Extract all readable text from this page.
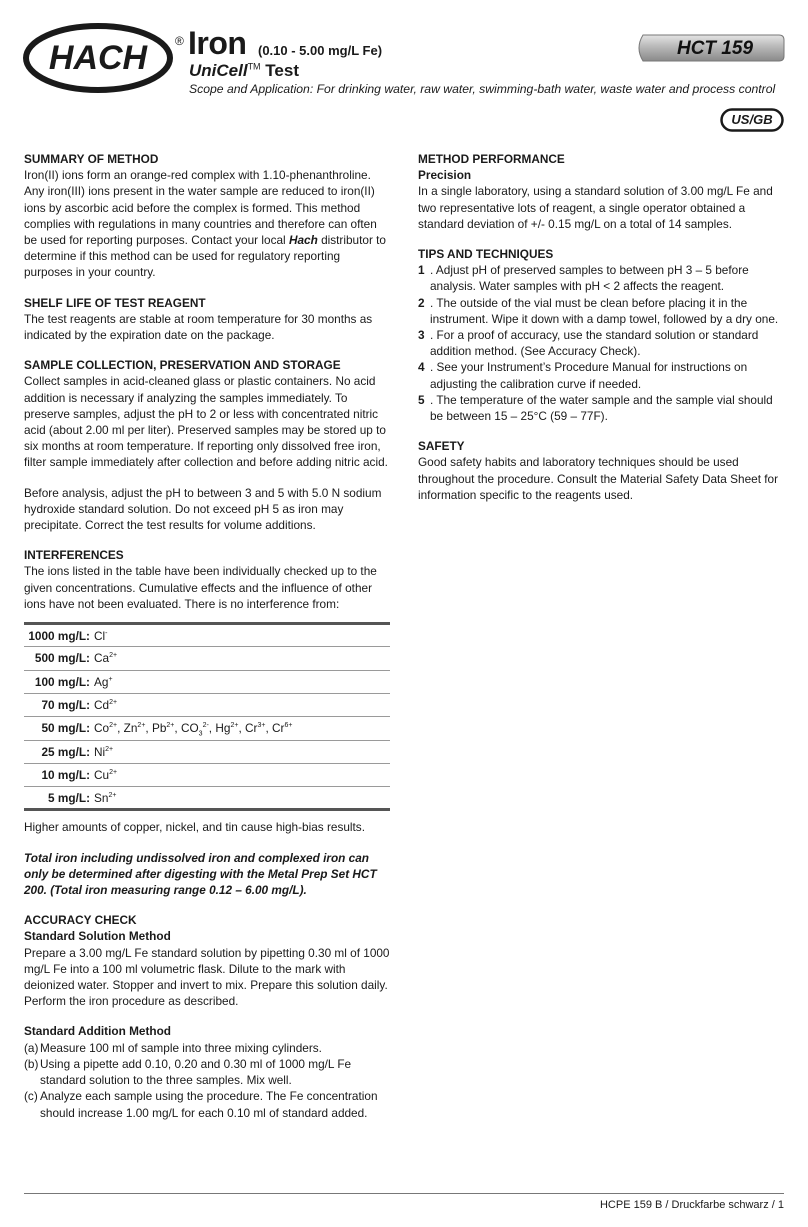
HACH ® Iron (0.10 - 5.00 mg/L Fe)
UniCell™ Test
Scope and Application: For drinking water, raw water, swimming-bath water, waste water and process control
HCT 159
US/GB

SUMMARY OF METHOD

Iron(II) ions form an orange-red complex with 1.10-phenanthroline. Any iron(III) ions present in the water sample are reduced to iron(II) ions by ascorbic acid before the complex is formed. This method complies with regulations in many countries and therefore can often be used for reporting purposes. Contact your local Hach distributor to determine if this method can be used for regulatory reporting purposes in your country.

SHELF LIFE OF TEST REAGENT

The test reagents are stable at room temperature for 30 months as indicated by the expiration date on the package.

SAMPLE COLLECTION, PRESERVATION AND STORAGE

Collect samples in acid-cleaned glass or plastic containers. No acid addition is necessary if analyzing the samples immediately. To preserve samples, adjust the pH to 2 or less with concentrated nitric acid (about 2.00 ml per liter). Preserved samples may be stored up to six months at room temperature. If reporting only dissolved free iron, filter sample immediately after collection and before adding nitric acid.

Before analysis, adjust the pH to between 3 and 5 with 5.0 N sodium hydroxide standard solution. Do not exceed pH 5 as iron may precipitate. Correct the test results for volume additions.

INTERFERENCES

The ions listed in the table have been individually checked up to the given concentrations. Cumulative effects and the influence of other ions have not been evaluated. There is no interference from:

1000 mg/L:	Cl-
500 mg/L:	$Ca^{2+}$
100 mg/L:	Ag+
70 mg/L:	$Cd^{2+}$
50 mg/L:	$Co^{2+}$, $Zn^{2+}$, $Pb^{2+}$, $CO_3^{2-}$, $Hg^{2+}$, $Cr^{3+}$, $Cr^{6+}$
25 mg/L:	$Ni^{2+}$
10 mg/L:	$Cu^{2+}$
5 mg/L:	$Sn^{2+}$

Higher amounts of copper, nickel, and tin cause high-bias results.

Total iron including undissolved iron and complexed iron can only be determined after digesting with the Metal Prep Set HCT 200. (Total iron measuring range 0.12 – 6.00 mg/L).

ACCURACY CHECK

Standard Solution Method

Prepare a 3.00 mg/L Fe standard solution by pipetting 0.30 ml of 1000 mg/L Fe into a 100 ml volumetric flask. Dilute to the mark with deionized water. Stopper and invert to mix. Prepare this solution daily. Perform the iron procedure as described.

Standard Addition Method

(a) Measure 100 ml of sample into three mixing cylinders.
(b) Using a pipette add 0.10, 0.20 and 0.30 ml of 1000 mg/L Fe standard solution to the three samples. Mix well.
(c) Analyze each sample using the procedure. The Fe concentration should increase 1.00 mg/L for each 0.10 ml of standard added.

METHOD PERFORMANCE

Precision

In a single laboratory, using a standard solution of 3.00 mg/L Fe and two representative lots of reagent, a single operator obtained a standard deviation of +/- 0.15 mg/L on a total of 14 samples.

TIPS AND TECHNIQUES

1 . Adjust pH of preserved samples to between pH 3 – 5 before analysis. Water samples with pH < 2 affects the reagent.
2 . The outside of the vial must be clean before placing it in the instrument. Wipe it down with a damp towel, followed by a dry one.
3 . For a proof of accuracy, use the standard solution or standard addition method. (See Accuracy Check).
4 . See your Instrument’s Procedure Manual for instructions on adjusting the calibration curve if needed.
5 . The temperature of the water sample and the sample vial should be between 15 – 25°C (59 – 77F).

SAFETY

Good safety habits and laboratory techniques should be used throughout the procedure. Consult the Material Safety Data Sheet for information specific to the reagents used.

HCPE 159 B / Druckfarbe schwarz / 1
